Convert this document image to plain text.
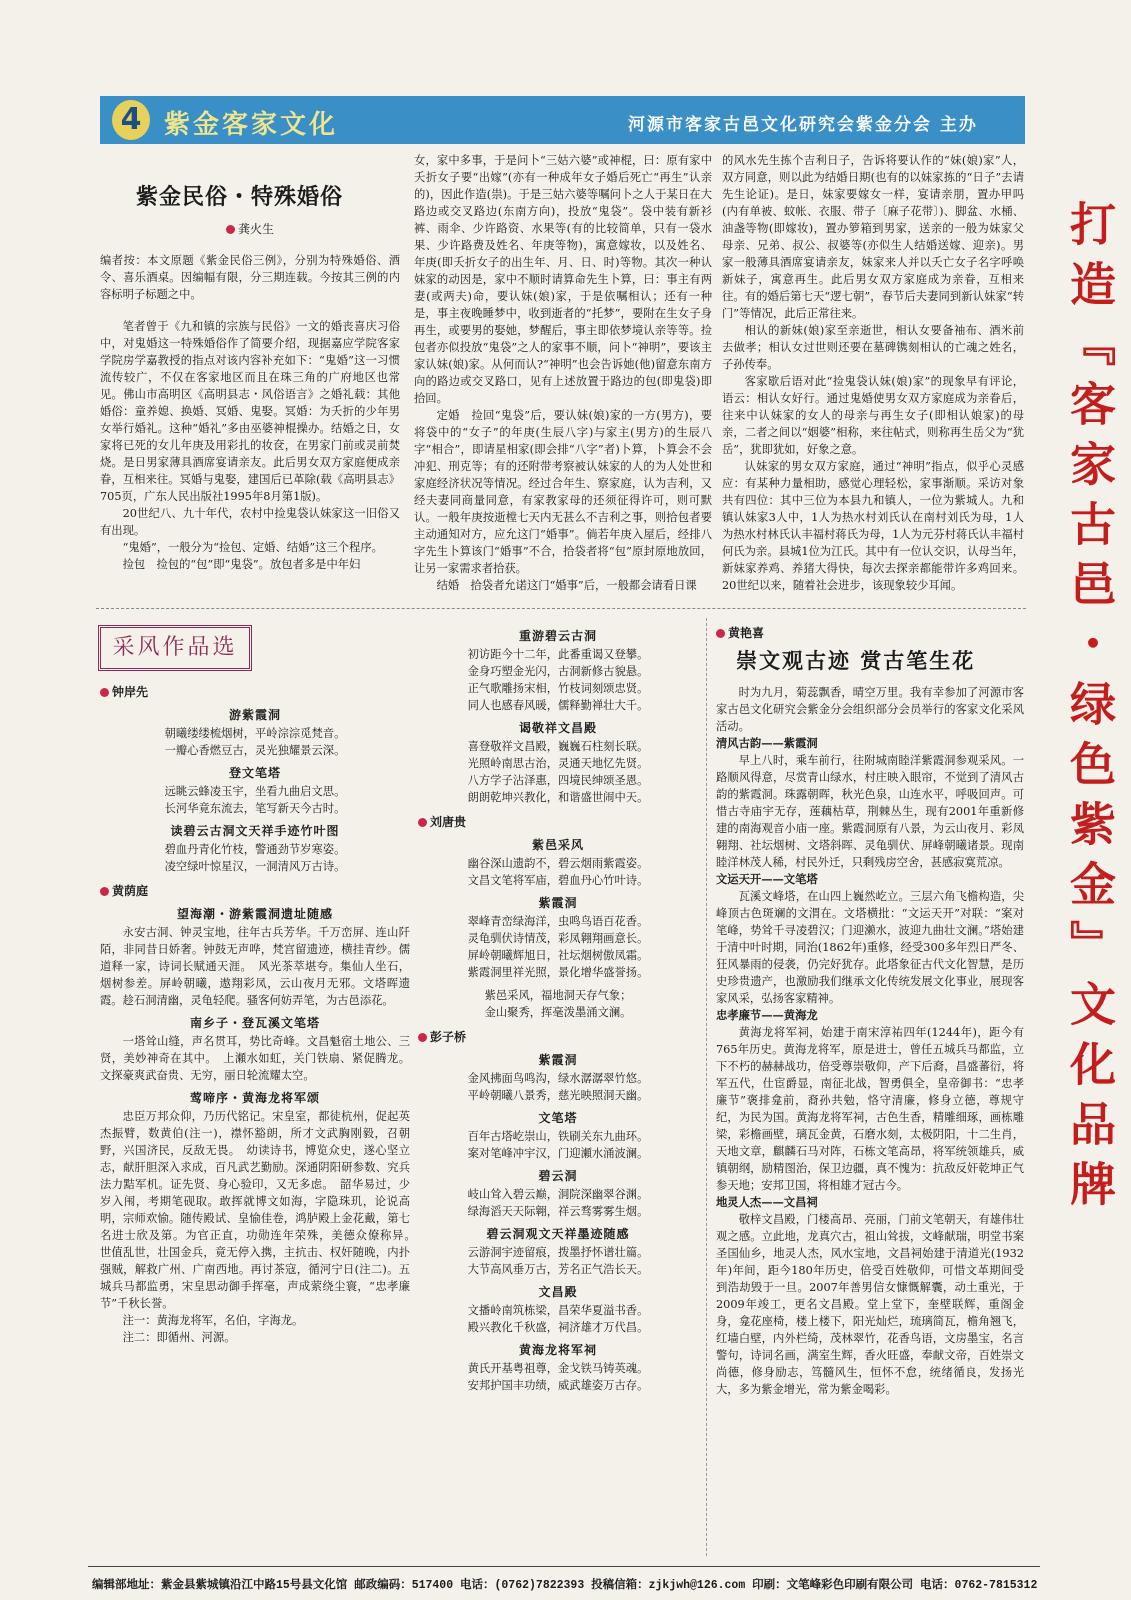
4 紫金客家文化	河源市客家古邑文化研究会紫金分会 主办
紫金民俗・特殊婚俗
龚火生
编者按：本文原题《紫金民俗三例》，分别为特殊婚俗、酒令、喜乐酒桌。因编幅有限，分三期连载。今按其三例的内容标明子标题之中。

笔者曾于《九和镇的宗族与民俗》一文的婚丧喜庆习俗中，对鬼婚这一特殊婚俗作了简要介绍，现据嘉应学院客家学院房学嘉教授的指点对该内容补充如下：“鬼婚”这一习惯流传较广，不仅在客家地区而且在珠三角的广府地区也常见。佛山市高明区《高明县志・风俗语言》之婚礼载：其他婚俗：童养媳、换婚、冥婚、鬼娶。冥婚：为夭折的少年男女举行婚礼。这种“婚礼”多由巫婆神棍操办。结婚之日，女家将已死的女儿年庚及用彩扎的妆奁，在男家门前或灵前焚烧。是日男家薄具酒席宴请亲友。此后男女双方家庭便成亲眷，互相来往。冥婚与鬼娶，建国后已革除(载《高明县志》705页，广东人民出版社1995年8月第1版)。

20世纪八、九十年代，农村中捡鬼袋认妹家这一旧俗又有出现。

“鬼婚”，一般分为“捡包、定婚、结婚”这三个程序。

捡包　捡包的“包”即“鬼袋”。放包者多是中年妇

女，家中多事，于是问卜“三姑六婆”或神棍，曰：原有家中夭折女子要“出嫁”(亦有一种成年女子婚后死亡“再生”认亲的)，因此作造(祟)。于是三姑六婆等嘱问卜之人于某日在大路边或交叉路边(东南方向)，投放“鬼袋”。袋中装有新衫裤、雨伞、少许路资、水果等(有的比较简单，只有一袋水果、少许路费及姓名、年庚等物)，寓意嫁妆，以及姓名、年庚(即夭折女子的出生年、月、日、时)等物。其次一种认妹家的动因是，家中不顺时请算命先生卜算，曰：事主有两妻(或两夫)命，要认妹(娘)家，于是依嘱相认；还有一种是，事主夜晚睡梦中，收到逝者的“托梦”，要附在生女子身再生，或要男的娶她，梦醒后，事主即依梦境认亲等等。捡包者亦似投放“鬼袋”之人的家事不顺，问卜“神明”，要该主家认妹(娘)家。从何而认?“神明”也会告诉她(他)留意东南方向的路边或交叉路口，见有上述放置于路边的包(即鬼袋)即拾回。

定婚　捡回“鬼袋”后，要认妹(娘)家的一方(男方)，要将袋中的“女子”的年庚(生辰八字)与家主(男方)的生辰八字“相合”，即请星相家(即会排“八字”者)卜算，卜算会不会冲犯、刑克等；有的还附带考察被认妹家的人的为人处世和家庭经济状况等情况。经过合年生、察家庭，认为吉利，又经夫妻同商量同意，有家教家母的还须征得许可，则可默认。一般年庚按逝樘七天内无甚么不吉利之事，则拾包者要主动通知对方，应允这门“婚事”。倘若年庚入屋后，经排八字先生卜算该门“婚事”不合，拾袋者将“包”原封原地放回，让另一家需求者拾获。

结婚　拾袋者允诺这门“婚事”后，一般都会请看日课

的风水先生拣个吉利日子，告诉将要认作的“妹(娘)家”人，双方同意，则以此为结婚日期(也有的以妹家拣的“日子”去请先生论证)。是日，妹家要嫁女一样，宴请亲朋，置办甲吗(内有单被、蚊帐、衣服、带子〔麻子花带〕)、脚盆、水桶、油盏等物(即嫁妆)，置办箩箱到男家，送亲的一般为妹家父母亲、兄弟、叔公、叔婆等(亦似生人结婚送嫁、迎亲)。男家一般薄具酒席宴请亲友，妹家来人并以夭亡女子名字呼唤新妹子，寓意再生。此后男女双方家庭成为亲眷，互相来往。有的婚后第七天“逻七朝”，春节后夫妻同到新认妹家“转门”等情况，此后正常往来。

相认的新妹(娘)家至亲逝世，相认女要备袖布、酒米前去做孝；相认女过世则还要在墓碑镌刻相认的亡魂之姓名，子孙传奉。

客家歇后语对此“捡鬼袋认妹(娘)家”的现象早有评论，语云：相认女好行。通过鬼婚使男女双方家庭成为亲眷后，往来中认妹家的女人的母亲与再生女子(即相认娘家)的母亲，二者之间以“姻婆”相称，来往帖式，则称再生岳父为“犹岳”，犹即犹如，好象之意。

认妹家的男女双方家庭，通过“神明”指点，似乎心灵感应：有某种力量相助，感觉心理轻松，家事渐顺。采访对象共有四位：其中三位为本县九和镇人，一位为紫城人。九和镇认妹家3人中，1人为热水村刘氏认在南村刘氏为母，1人为热水村林氏认丰福村蒋氏为母，1人为元芬村蒋氏认丰福村何氏为亲。县城1位为江氏。其中有一位认交识，认母当年，新妹家养鸡、养猪大得快，每次去探亲都能带许多鸡回来。20世纪以来，随着社会进步，该现象较少耳闻。

采风作品选
钟岸先
游紫霞洞
朝曦缕缕梳烟树，平岭淙淙觅梵音。
一瓣心香燃豆古，灵光独耀景云深。
登文笔塔
远眺云蜂凌玉宇，坐看九曲启文思。
长河华竟东流去，笔写新天今古时。
读碧云古洞文天祥手迹竹叶图
碧血丹青化竹枝，警通劲节岁寒姿。
凌空绿叶惊星汉，一洞清风万古诗。
黄荫庭
望海潮・游紫霞洞遗址随感

永安古洞、钟灵宝地，往年古兵芳华。千万峦屏、连山阡陌，非同昔日娇奢。钟鼓无声哗，梵宫留遗迹，横挂青纱。儒道释一家，诗词长赋通天涯。　风光茶萃堪夸。集仙人坐石，烟树参差。屏岭朝曦，遨翔彩凤，云山夜月无邪。文塔晖遗霞。趁石洞清幽，灵龟轻爬。骚客何妨弄笔，为古邑添花。

南乡子・登瓦溪文笔塔

一塔耸山缝，声名贯耳，势比奇峰。文昌魁宿土地公、三贤，美妙神奇在其中。　上瀬水如虹，关门铁扇、紧促腾龙。文探豪爽武奋贵、无穷，丽日轮流耀太空。

莺啼序・黄海龙将军颂

忠臣万邦众仰，乃历代铭记。宋皇室，都徒杭州，促起英杰振臂，数黄伯(注一)，襟怀豁朗，所才文武胸刚毅，召朝野，兴国济民，反敌无畏。　幼读诗书，博览众史，遂心坚立志，献肝胆深入求成，百凡武艺勤励。深通阴阳研参数、究兵法力黠军机。证先贤、身心验印，又无多虑。　韶华易过，少岁入闱，考期笔砚取。敢挥就博文如海，字隐珠玑，论说高明，宗师欢愉。随传殿试、皇愉佳卷，鸿胪殿上金花戴，第七名进士欣及第。为官正直，功勋连年荣殊，美德众僚称异。　世值乱世，壮国金兵，竟无停入携，主抗击、权奸随晚，内扑强贼，解救广州、广南西地。再讨茶寇，循河宁日(注二)。五城兵马都监勇，宋皇思动御手挥毫，声成萦绕尘寰，“忠孝廉节”千秋长誉。

注一：黄海龙将军，名伯，字海龙。

注二：即循州、河源。

重游碧云古洞
初访距今十二年，此番重谒又登攀。
金身巧塑金光闪，古洞新修古貌悬。
正气歌雕扬宋相，竹枝词刻颂忠贤。
同人也感春风暖，儒释勤禅壮大千。
谒敬祥文昌殿
喜登敬祥文昌殿，巍巍石柱刻长联。
光照岭南思古治，灵通天地忆先贤。
八方学子沾泽惠，四境民绅颂圣恩。
朗朗乾坤兴教化，和谐盛世闹中天。
刘唐贵
紫邑采风
幽谷深山遗韵不，碧云烟雨紫霞姿。
文昌文笔将军庙，碧血丹心竹叶诗。
紫霞洞
翠峰青峦绿海洋，虫鸣鸟语百花香。
灵龟驯伏诗情茂，彩凤翱翔画意长。
屏岭朝曦辉旭日，社坛烟树傲凤霜。
紫霞洞里祥光照，景化增华盛誉扬。
紫邑采风，福地洞天存气象；
金山聚秀，挥毫泼墨涌文澜。
彭子桥
紫霞洞
金风拂面鸟鸣沟，绿水潺潺翠竹悠。
平岭朝曦八景秀，慈光映照洞天幽。
文笔塔
百年古塔屹崇山，铁刷关东九曲环。
案对笔峰冲宇汉，门迎瀬水涌波澜。
碧云洞
岐山耸入碧云巅，洞院深幽翠谷渊。
绿海滔天天际翱，祥云骛雾雾生烟。
碧云洞观文天祥墨迹随感
云游洞宇迹留痕，拨墨抒怀谱壮篇。
大节高风垂万古，芳名正气浩长天。
文昌殿
文播岭南筑栋梁，昌荣华夏溢书香。
殿兴教化千秋盛，祠济雄才万代昌。
黄海龙将军祠
黄氏开基粤祖尊，金戈铁马铸英魂。
安邦护国丰功绩，威武雄姿万古存。
黄艳喜
崇文观古迹 赏古笔生花

时为九月，菊蕊飘香，晴空万里。我有幸参加了河源市客家古邑文化研究会紫金分会组织部分会员举行的客家文化采风活动。

清风古韵——紫霞洞

早上八时，乘车前行，往附城南睦洋紫霞洞参观采风。一路顺风得意，尽赏青山绿水，村庄映入眼帘，不觉到了清风古韵的紫霞洞。珠露朝晖，秋光色泉，山连水平，呼吸回声。可惜古寺庙宇无存，莲藕枯草，荆棘丛生，现有2001年重新修建的南海观音小庙一座。紫霞洞原有八景，为云山夜月、彩凤翱翔、社坛烟树、文塔斜晖、灵龟驯伏、屏峰朝曦诸景。现南睦洋林茂人稀，村民外迁，只剩残房空舍，甚感寂寞荒凉。

文运天开——文笔塔

瓦溪文峰塔，在山四上巍然屹立。三层六角飞檐构造，尖峰顶古色斑斓的文渭在。文塔横批：“文运天开”对联：“案对笔峰，势耸千寻凌碧汉；门迎濑水，波迎九曲壮文澜。”塔始建于清中叶时期，同治(1862年)重修，经受300多年烈日严冬、狂风暴雨的侵袭，仍完好犹存。此塔象征古代文化智慧，是历史珍贵遗产，也激励我们继承文化传统发展文化事业，展现客家风采，弘扬客家精神。

忠孝廉节——黄海龙

黄海龙将军祠，始建于南宋淳祐四年(1244年)，距今有765年历史。黄海龙将军，原是进士，曾任五城兵马都监，立下不朽的赫赫战功，倍受尊崇敬仰，产下后裔，昌盛蕃衍，将军五代，仕宦爵显，南征北战，智勇俱全，皇帝御书：“忠孝廉节”褒排龛前，裔孙共勉，恪守清廉，修身立德，尊规守纪，为民为国。黄海龙将军祠，古色生香，精雕细琢，画栋雕梁，彩檐画壁，璃瓦金黄，石磨水刻，太极阴阳，十二生肖，天地文章，麒麟石马对阵，石栋文笔高昂，将军统领雄兵，威镇朝纲，励精图治，保卫边疆，真不愧为：抗敌反奸乾坤正气参天地；安邦卫国，将相雄才冠古今。

地灵人杰——文昌祠

敬梓文昌殿，门楼高昂、亮丽，门前文笔朝天，有雄伟壮观之感。立此地，龙真穴古，祖山耸拔，文峰献瑞，明堂书案圣国仙乡，地灵人杰，风水宝地，文昌祠始建于清道光(1932年)年间，距今180年历史，倍受百姓敬仰，可惜文革期间受到浩劫毁于一旦。2007年善男信女慷慨解囊，动土重光，于2009年竣工，更名文昌殿。堂上堂下，奎壁联辉，重阁金身，龛花座椅，楼上楼下，阳光灿烂，琉璃简瓦，檐角翘飞，红墙白壁，内外栏绮，茂林翠竹，花香鸟语，文房墨宝，名言警句，诗词名画，满室生辉，香火旺盛，奉献文帝，百姓崇文尚德，修身励志，笃髓风生，恒怀不怠，统绪循良，发扬光大，多为紫金增光，常为紫金喝彩。

打造『客家古邑・绿色紫金』文化品牌
编辑部地址：紫金县紫城镇沿江中路15号县文化馆 邮政编码：517400 电话：(0762)7822393 投稿信箱：zjkjwh@126.com 印刷：文笔峰彩色印刷有限公司 电话：0762-7815312
